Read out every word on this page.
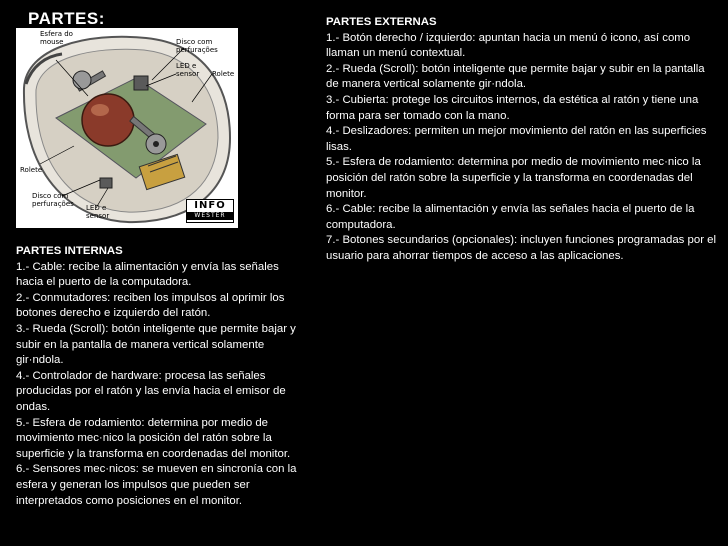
PARTES:
Esfera do
mouse	Disco com
perfurações
LED e
sensor Rolete
Rolete
Disco com
perfurações LED e
sensor
INFO
WESTER

PARTES INTERNAS

1.- Cable: recibe la alimentación y envía las señales hacia el puerto de la computadora.

2.- Conmutadores: reciben los impulsos al oprimir los botones derecho e izquierdo del ratón.

3.- Rueda (Scroll): botón inteligente que permite bajar y subir en la pantalla de manera vertical solamente gir·ndola.

4.- Controlador de hardware: procesa las señales producidas por el ratón y las envía hacia el emisor de ondas.

5.- Esfera de rodamiento: determina por medio de movimiento mec·nico la posición del ratón sobre la superficie y la transforma en coordenadas del monitor.

6.- Sensores mec·nicos: se mueven en sincronía con la esfera y generan los impulsos que pueden ser interpretados como posiciones en el monitor.

PARTES EXTERNAS

1.- Botón derecho / izquierdo: apuntan hacia un menú ó icono, así como llaman un menú contextual.

2.- Rueda (Scroll): botón inteligente que permite bajar y subir en la pantalla de manera vertical solamente gir·ndola.

3.- Cubierta: protege los circuitos internos, da estética al ratón y tiene una forma para ser tomado con la mano.

4.- Deslizadores: permiten un mejor movimiento del ratón en las superficies lisas.

5.- Esfera de rodamiento: determina por medio de movimiento mec·nico la posición del ratón sobre la superficie y la transforma en coordenadas del monitor.

6.- Cable: recibe la alimentación y envía las señales hacia el puerto de la computadora.

7.- Botones secundarios (opcionales): incluyen funciones programadas por el usuario para ahorrar tiempos de acceso a las aplicaciones.
